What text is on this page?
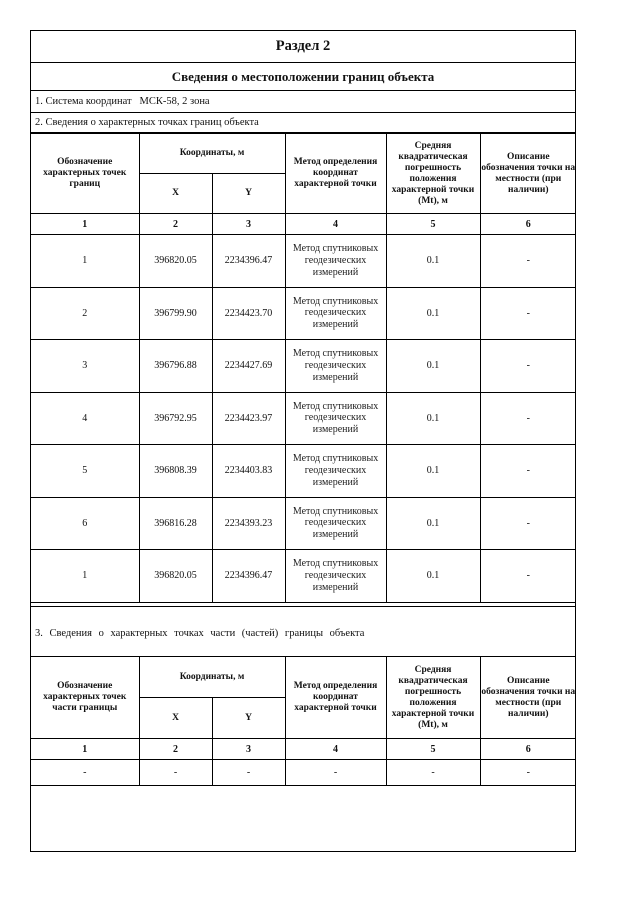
Раздел 2
Сведения о местоположении границ объекта
1. Система координат МСК-58, 2 зона
2. Сведения о характерных точках границ объекта
Обозначение характерных точек границ	Координаты, м		Метод определения координат характерной точки	Средняя квадратическая погрешность положения характерной точки (Mt), м	Описание обозначения точки на местности (при наличии)
	X	Y			
1	2	3	4	5	6
1	396820.05	2234396.47	Метод спутниковых геодезических измерений	0.1	-
2	396799.90	2234423.70	Метод спутниковых геодезических измерений	0.1	-
3	396796.88	2234427.69	Метод спутниковых геодезических измерений	0.1	-
4	396792.95	2234423.97	Метод спутниковых геодезических измерений	0.1	-
5	396808.39	2234403.83	Метод спутниковых геодезических измерений	0.1	-
6	396816.28	2234393.23	Метод спутниковых геодезических измерений	0.1	-
1	396820.05	2234396.47	Метод спутниковых геодезических измерений	0.1	-
3. Сведения о характерных точках части (частей) границы объекта
Обозначение характерных точек части границы	Координаты, м		Метод определения координат характерной точки	Средняя квадратическая погрешность положения характерной точки (Mt), м	Описание обозначения точки на местности (при наличии)
	X	Y			
1	2	3	4	5	6
-	-	-	-	-	-
